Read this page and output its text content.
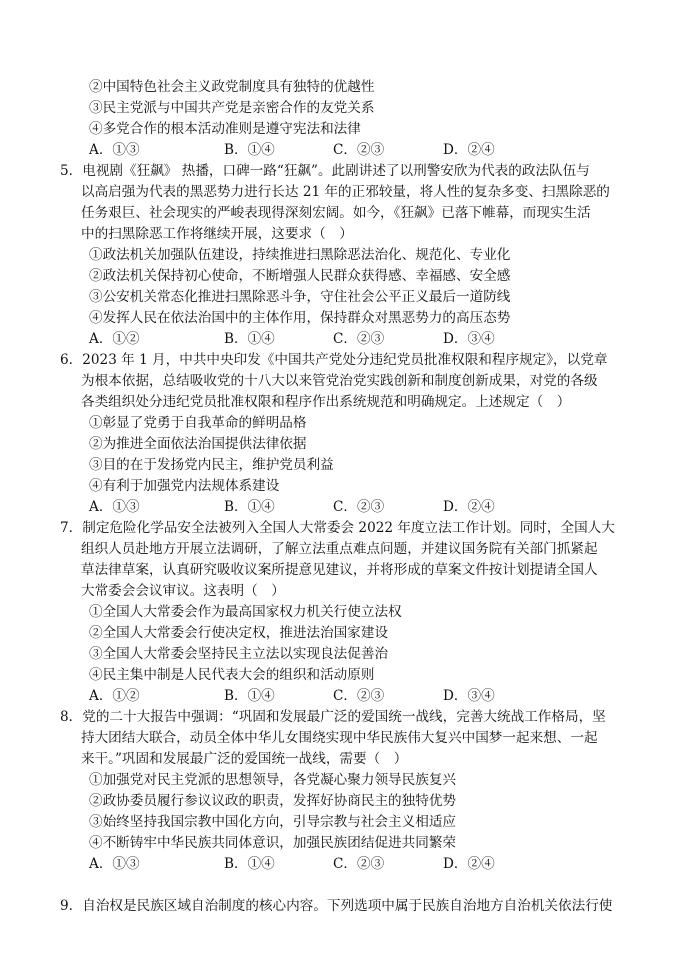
②中国特色社会主义政党制度具有独特的优越性
③民主党派与中国共产党是亲密合作的友党关系
④多党合作的根本活动准则是遵守宪法和法律
A．①③	B．①④	C．②③	D．②④
5．电视剧《狂飙》 热播，口碑一路“狂飙”。此剧讲述了以刑警安欣为代表的政法队伍与
以高启强为代表的黑恶势力进行长达 21 年的正邪较量，将人性的复杂多变、扫黑除恶的
任务艰巨、社会现实的严峻表现得深刻宏阔。如今，《狂飙》已落下帷幕，而现实生活
中的扫黑除恶工作将继续开展，这要求（　）
①政法机关加强队伍建设，持续推进扫黑除恶法治化、规范化、专业化
②政法机关保持初心使命，不断增强人民群众获得感、幸福感、安全感
③公安机关常态化推进扫黑除恶斗争，守住社会公平正义最后一道防线
④发挥人民在依法治国中的主体作用，保持群众对黑恶势力的高压态势
A．①②	B．①④	C．②③	D．③④
6．2023 年 1 月，中共中央印发《中国共产党处分违纪党员批准权限和程序规定》，以党章
为根本依据，总结吸收党的十八大以来管党治党实践创新和制度创新成果，对党的各级
各类组织处分违纪党员批准权限和程序作出系统规范和明确规定。上述规定（　）
①彰显了党勇于自我革命的鲜明品格
②为推进全面依法治国提供法律依据
③目的在于发扬党内民主，维护党员利益
④有利于加强党内法规体系建设
A．①③	B．①④	C．②③	D．②④
7．制定危险化学品安全法被列入全国人大常委会 2022 年度立法工作计划。同时，全国人大
组织人员赴地方开展立法调研，了解立法重点难点问题，并建议国务院有关部门抓紧起
草法律草案，认真研究吸收议案所提意见建议，并将形成的草案文件按计划提请全国人
大常委会会议审议。这表明（　）
①全国人大常委会作为最高国家权力机关行使立法权
②全国人大常委会行使决定权，推进法治国家建设
③全国人大常委会坚持民主立法以实现良法促善治
④民主集中制是人民代表大会的组织和活动原则
A．①②	B．①④	C．②③	D．③④
8．党的二十大报告中强调：“巩固和发展最广泛的爱国统一战线，完善大统战工作格局，坚
持大团结大联合，动员全体中华儿女围绕实现中华民族伟大复兴中国梦一起来想、一起
来干。”巩固和发展最广泛的爱国统一战线，需要（　）
①加强党对民主党派的思想领导，各党凝心聚力领导民族复兴
②政协委员履行参议议政的职责，发挥好协商民主的独特优势
③始终坚持我国宗教中国化方向，引导宗教与社会主义相适应
④不断铸牢中华民族共同体意识，加强民族团结促进共同繁荣
A．①③	B．①④	C．②③	D．②④
9．自治权是民族区域自治制度的核心内容。下列选项中属于民族自治地方自治机关依法行使
